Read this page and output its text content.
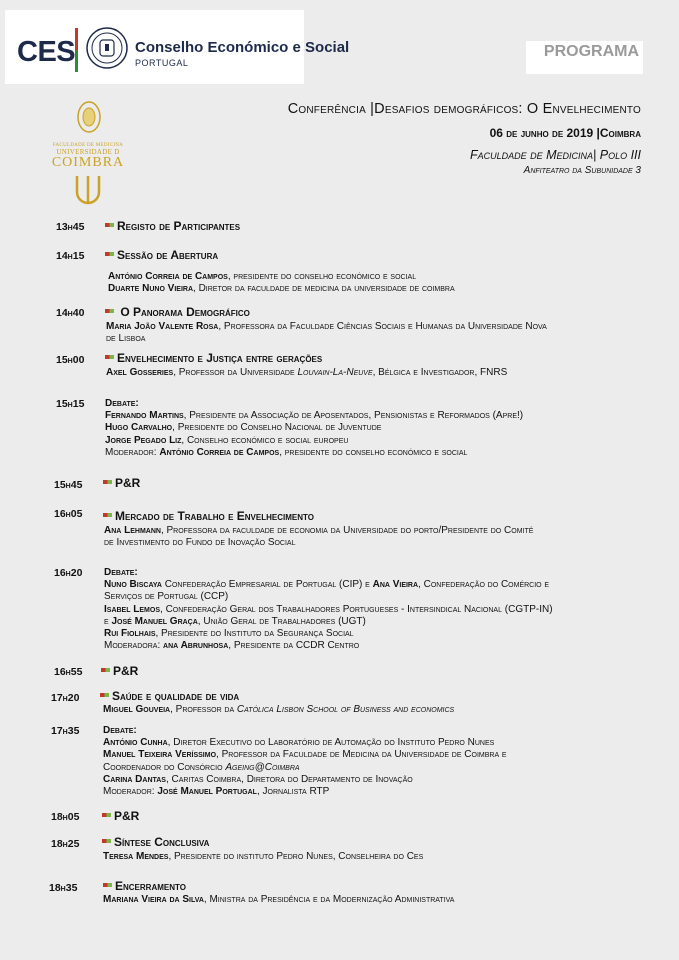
CES	Conselho Económico e Social
PORTUGAL
PROGRAMA
FACULDADE DE MEDICINA
UNIVERSIDADE D
COIMBRA
Conferência |Desafios demográficos: O Envelhecimento
06 de junho de 2019 |Coimbra
Faculdade de Medicina| Polo III
Anfiteatro da Subunidade 3
13h45	Registo de Participantes
14h15	Sessão de Abertura
António Correia de Campos, presidente do conselho económico e social
Duarte Nuno Vieira, Diretor da faculdade de medicina da universidade de coimbra
14h40	O Panorama Demográfico
Maria João Valente Rosa, Professora da Faculdade Ciências Sociais e Humanas da Universidade Nova
de Lisboa
15h00	Envelhecimento e Justiça entre gerações
Axel Gosseries, Professor da Universidade Louvain-La-Neuve, Bélgica e Investigador, FNRS
15h15 Debate:
Fernando Martins, Presidente da Associação de Aposentados, Pensionistas e Reformados (Apre!)
Hugo Carvalho, Presidente do Conselho Nacional de Juventude
Jorge Pegado Liz, Conselho económico e social europeu
Moderador: António Correia de Campos, presidente do conselho económico e social
15h45	P&R
16h05	Mercado de Trabalho e Envelhecimento
Ana Lehmann, Professora da faculdade de economia da Universidade do porto/Presidente do Comité
de Investimento do Fundo de Inovação Social
16h20 Debate:
Nuno Biscaya Confederação Empresarial de Portugal (CIP) e Ana Vieira, Confederação do Comércio e
Serviços de Portugal (CCP)
Isabel Lemos, Confederação Geral dos Trabalhadores Portugueses - Intersindical Nacional (CGTP-IN)
e José Manuel Graça, União Geral de Trabalhadores (UGT)
Rui Fiolhais, Presidente do Instituto da Segurança Social
Moderadora: ana Abrunhosa, Presidente da CCDR Centro
16h55	P&R
17h20	Saúde e qualidade de vida
Miguel Gouveia, Professor da Católica Lisbon School of Business and economics
17h35 Debate:
António Cunha, Diretor Executivo do Laboratório de Automação do Instituto Pedro Nunes
Manuel Teixeira Veríssimo, Professor da Faculdade de Medicina da Universidade de Coimbra e
Coordenador do Consórcio Ageing@Coimbra
Carina Dantas, Caritas Coimbra, Diretora do Departamento de Inovação
Moderador: José Manuel Portugal, Jornalista RTP
18h05	P&R
18h25	Síntese Conclusiva
Teresa Mendes, Presidente do instituto Pedro Nunes, Conselheira do Ces
18h35	Encerramento
Mariana Vieira da Silva, Ministra da Presidência e da Modernização Administrativa
